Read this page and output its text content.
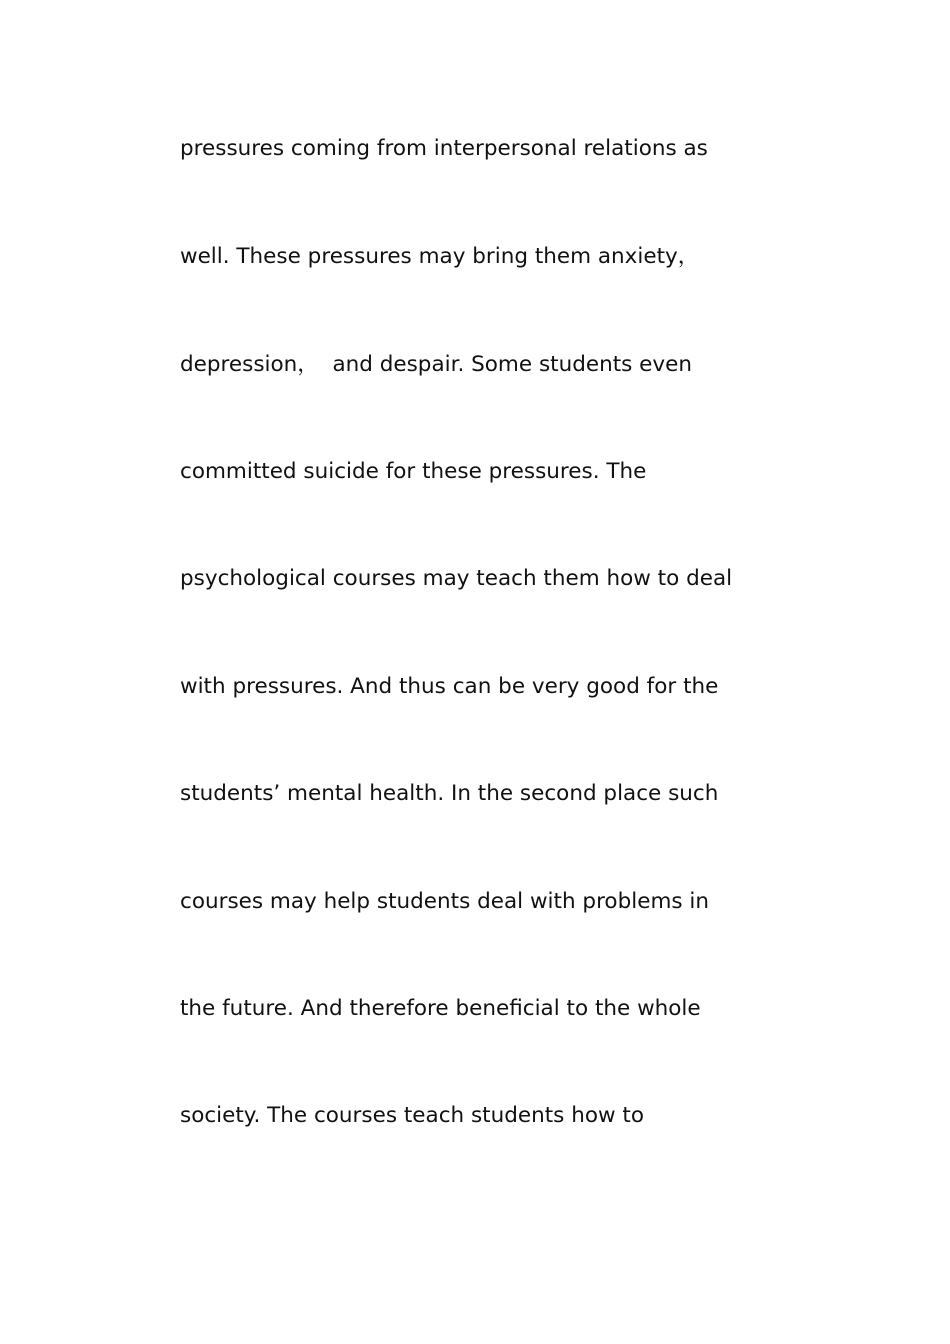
pressures coming from interpersonal relations as
well. These pressures may bring them anxiety，
depression，  and despair. Some students even
committed suicide for these pressures. The
psychological courses may teach them how to deal
with pressures. And thus can be very good for the
students’ mental health. In the second place such
courses may help students deal with problems in
the future. And therefore beneficial to the whole
society. The courses teach students how to
